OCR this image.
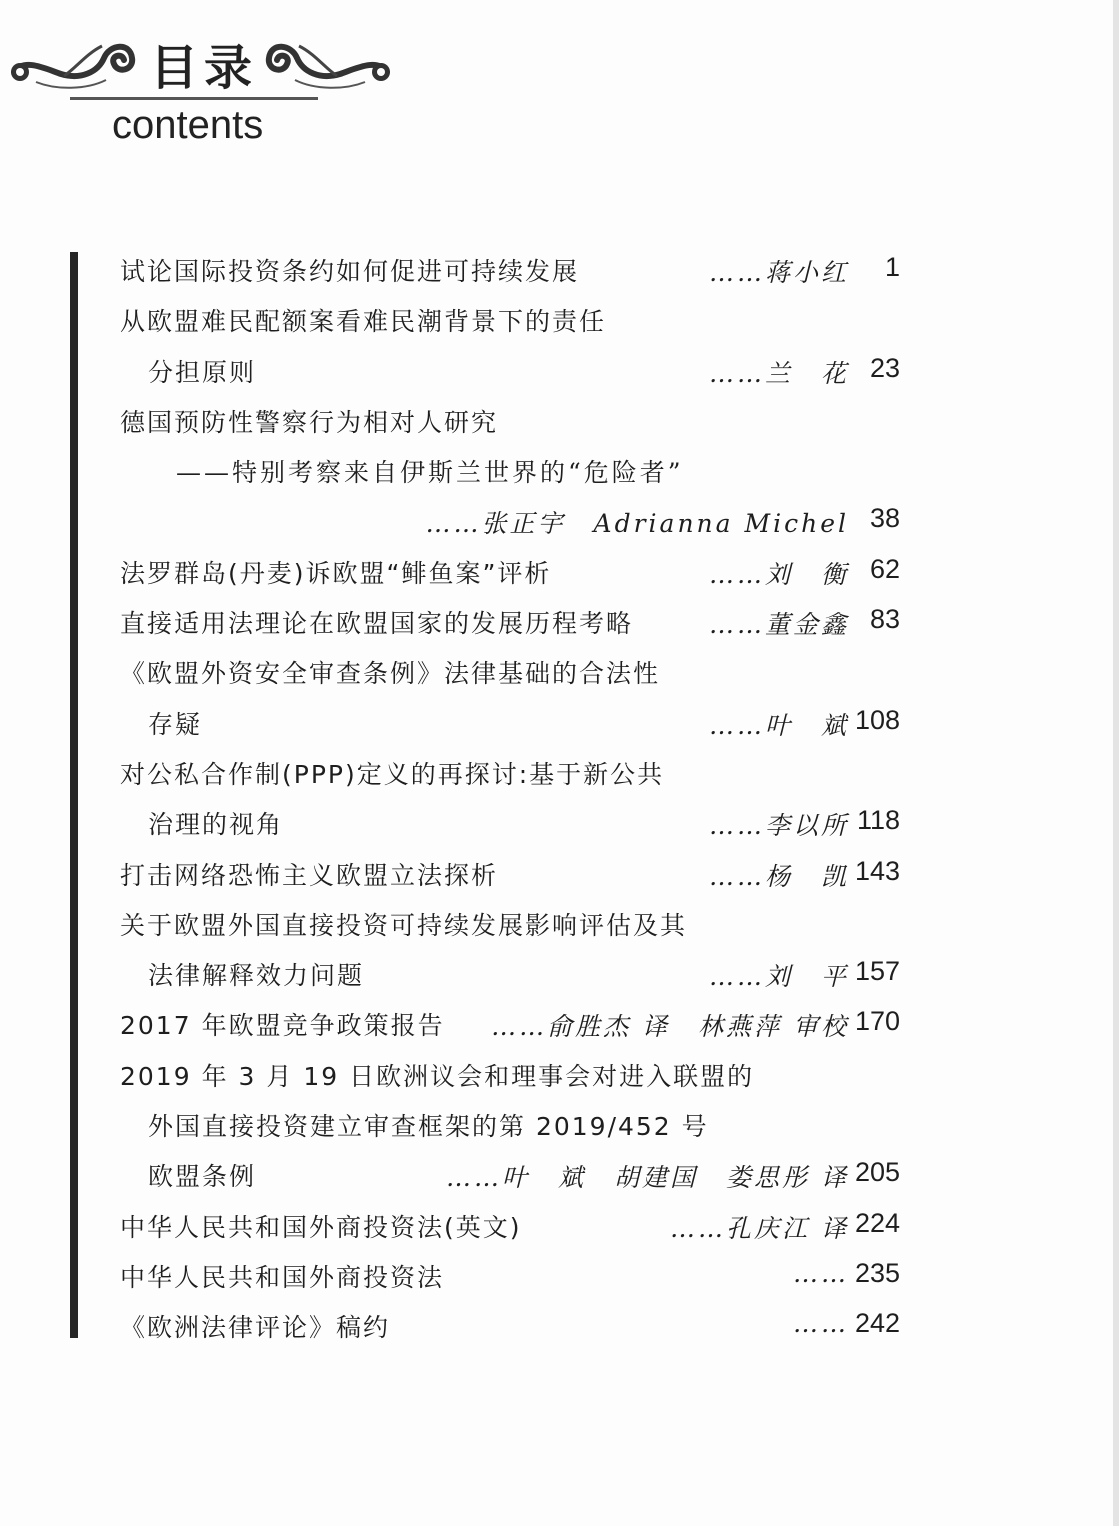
目录
contents
试论国际投资条约如何促进可持续发展	……蒋小红 1
从欧盟难民配额案看难民潮背景下的责任
分担原则	……兰　花 23
德国预防性警察行为相对人研究
——特别考察来自伊斯兰世界的“危险者”
……张正宇　Adrianna Michel 38
法罗群岛(丹麦)诉欧盟“鲱鱼案”评析	……刘　衡 62
直接适用法理论在欧盟国家的发展历程考略	……董金鑫 83
《欧盟外资安全审查条例》法律基础的合法性
存疑	……叶　斌 108
对公私合作制(PPP)定义的再探讨:基于新公共
治理的视角	……李以所 118
打击网络恐怖主义欧盟立法探析	……杨　凯 143
关于欧盟外国直接投资可持续发展影响评估及其
法律解释效力问题	……刘　平 157
2017 年欧盟竞争政策报告 ……俞胜杰 译　林燕萍 审校 170
2019 年 3 月 19 日欧洲议会和理事会对进入联盟的
外国直接投资建立审查框架的第 2019/452 号
欧盟条例	……叶　斌　胡建国　娄思彤 译 205
中华人民共和国外商投资法(英文)	……孔庆江 译 224
中华人民共和国外商投资法	…… 235
《欧洲法律评论》稿约	…… 242
